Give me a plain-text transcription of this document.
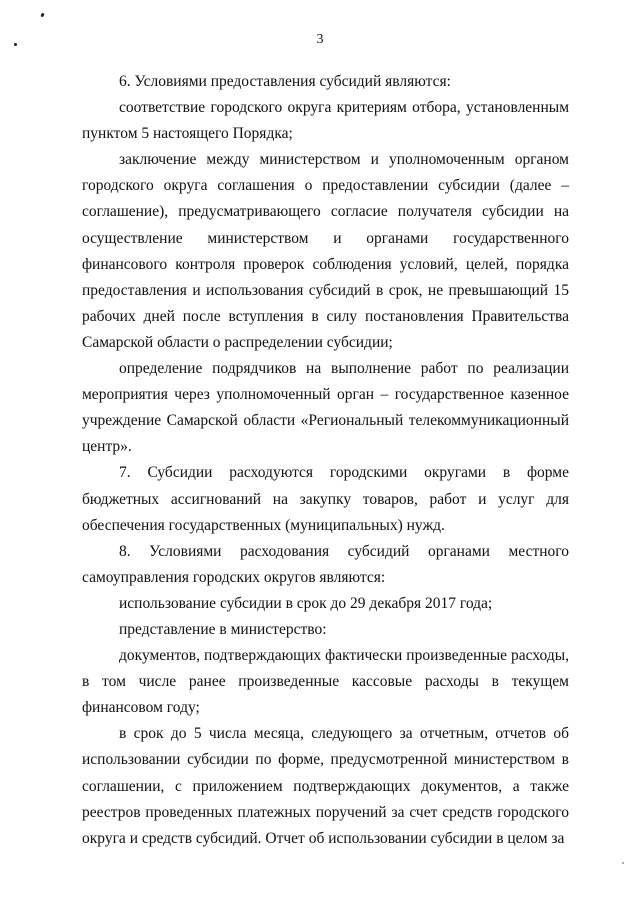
3

6. Условиями предоставления субсидий являются:

соответствие городского округа критериям отбора, установленным пунктом 5 настоящего Порядка;

заключение между министерством и уполномоченным органом городского округа соглашения о предоставлении субсидии (далее – соглашение), предусматривающего согласие получателя субсидии на осуществление министерством и органами государственного финансового контроля проверок соблюдения условий, целей, порядка предоставления и использования субсидий в срок, не превышающий 15 рабочих дней после вступления в силу постановления Правительства Самарской области о распределении субсидии;

определение подрядчиков на выполнение работ по реализации мероприятия через уполномоченный орган – государственное казенное учреждение Самарской области «Региональный телекоммуникационный центр».

7. Субсидии расходуются городскими округами в форме бюджетных ассигнований на закупку товаров, работ и услуг для обеспечения государственных (муниципальных) нужд.

8. Условиями расходования субсидий органами местного самоуправления городских округов являются:

использование субсидии в срок до 29 декабря 2017 года;

представление в министерство:

документов, подтверждающих фактически произведенные расходы, в том числе ранее произведенные кассовые расходы в текущем финансовом году;

в срок до 5 числа месяца, следующего за отчетным, отчетов об использовании субсидии по форме, предусмотренной министерством в соглашении, с приложением подтверждающих документов, а также реестров проведенных платежных поручений за счет средств городского округа и средств субсидий. Отчет об использовании субсидии в целом за
